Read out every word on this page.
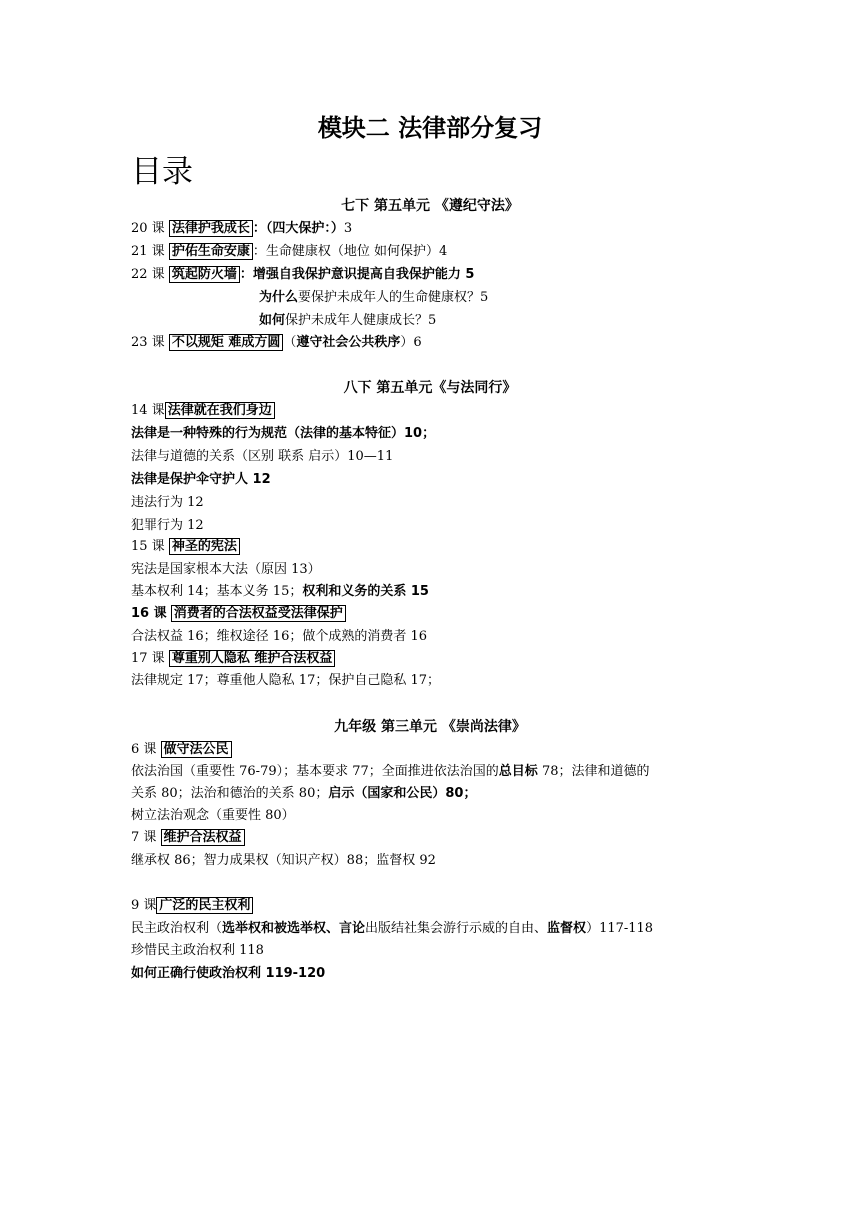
模块二 法律部分复习
目录
七下 第五单元 《遵纪守法》
20 课 法律护我成长 ：（四大保护：）3
21 课 护佑生命安康 ：生命健康权（地位 如何保护）4
22 课 筑起防火墙 ：增强自我保护意识提高自我保护能力 5
为什么要保护未成年人的生命健康权？5
如何保护未成年人健康成长？5
23 课 不以规矩 难成方圆 （遵守社会公共秩序）6
八下 第五单元《与法同行》
14 课 法律就在我们身边
法律是一种特殊的行为规范（法律的基本特征）10；
法律与道德的关系（区别 联系 启示）10—11
法律是保护伞守护人 12
违法行为 12
犯罪行为 12
15 课 神圣的宪法
宪法是国家根本大法（原因 13）
基本权利 14；基本义务 15；权利和义务的关系 15
16 课 消费者的合法权益受法律保护
合法权益 16；维权途径 16；做个成熟的消费者 16
17 课 尊重别人隐私 维护合法权益
法律规定 17；尊重他人隐私 17；保护自己隐私 17；
九年级 第三单元 《崇尚法律》
6 课 做守法公民
依法治国（重要性 76-79）；基本要求 77；全面推进依法治国的总目标 78；法律和道德的
关系 80；法治和德治的关系 80；启示（国家和公民）80；
树立法治观念（重要性 80）
7 课 维护合法权益
继承权 86；智力成果权（知识产权）88；监督权 92
9 课 广泛的民主权利
民主政治权利（选举权和被选举权、言论出版结社集会游行示威的自由、监督权）117-118
珍惜民主政治权利 118
如何正确行使政治权利 119-120
